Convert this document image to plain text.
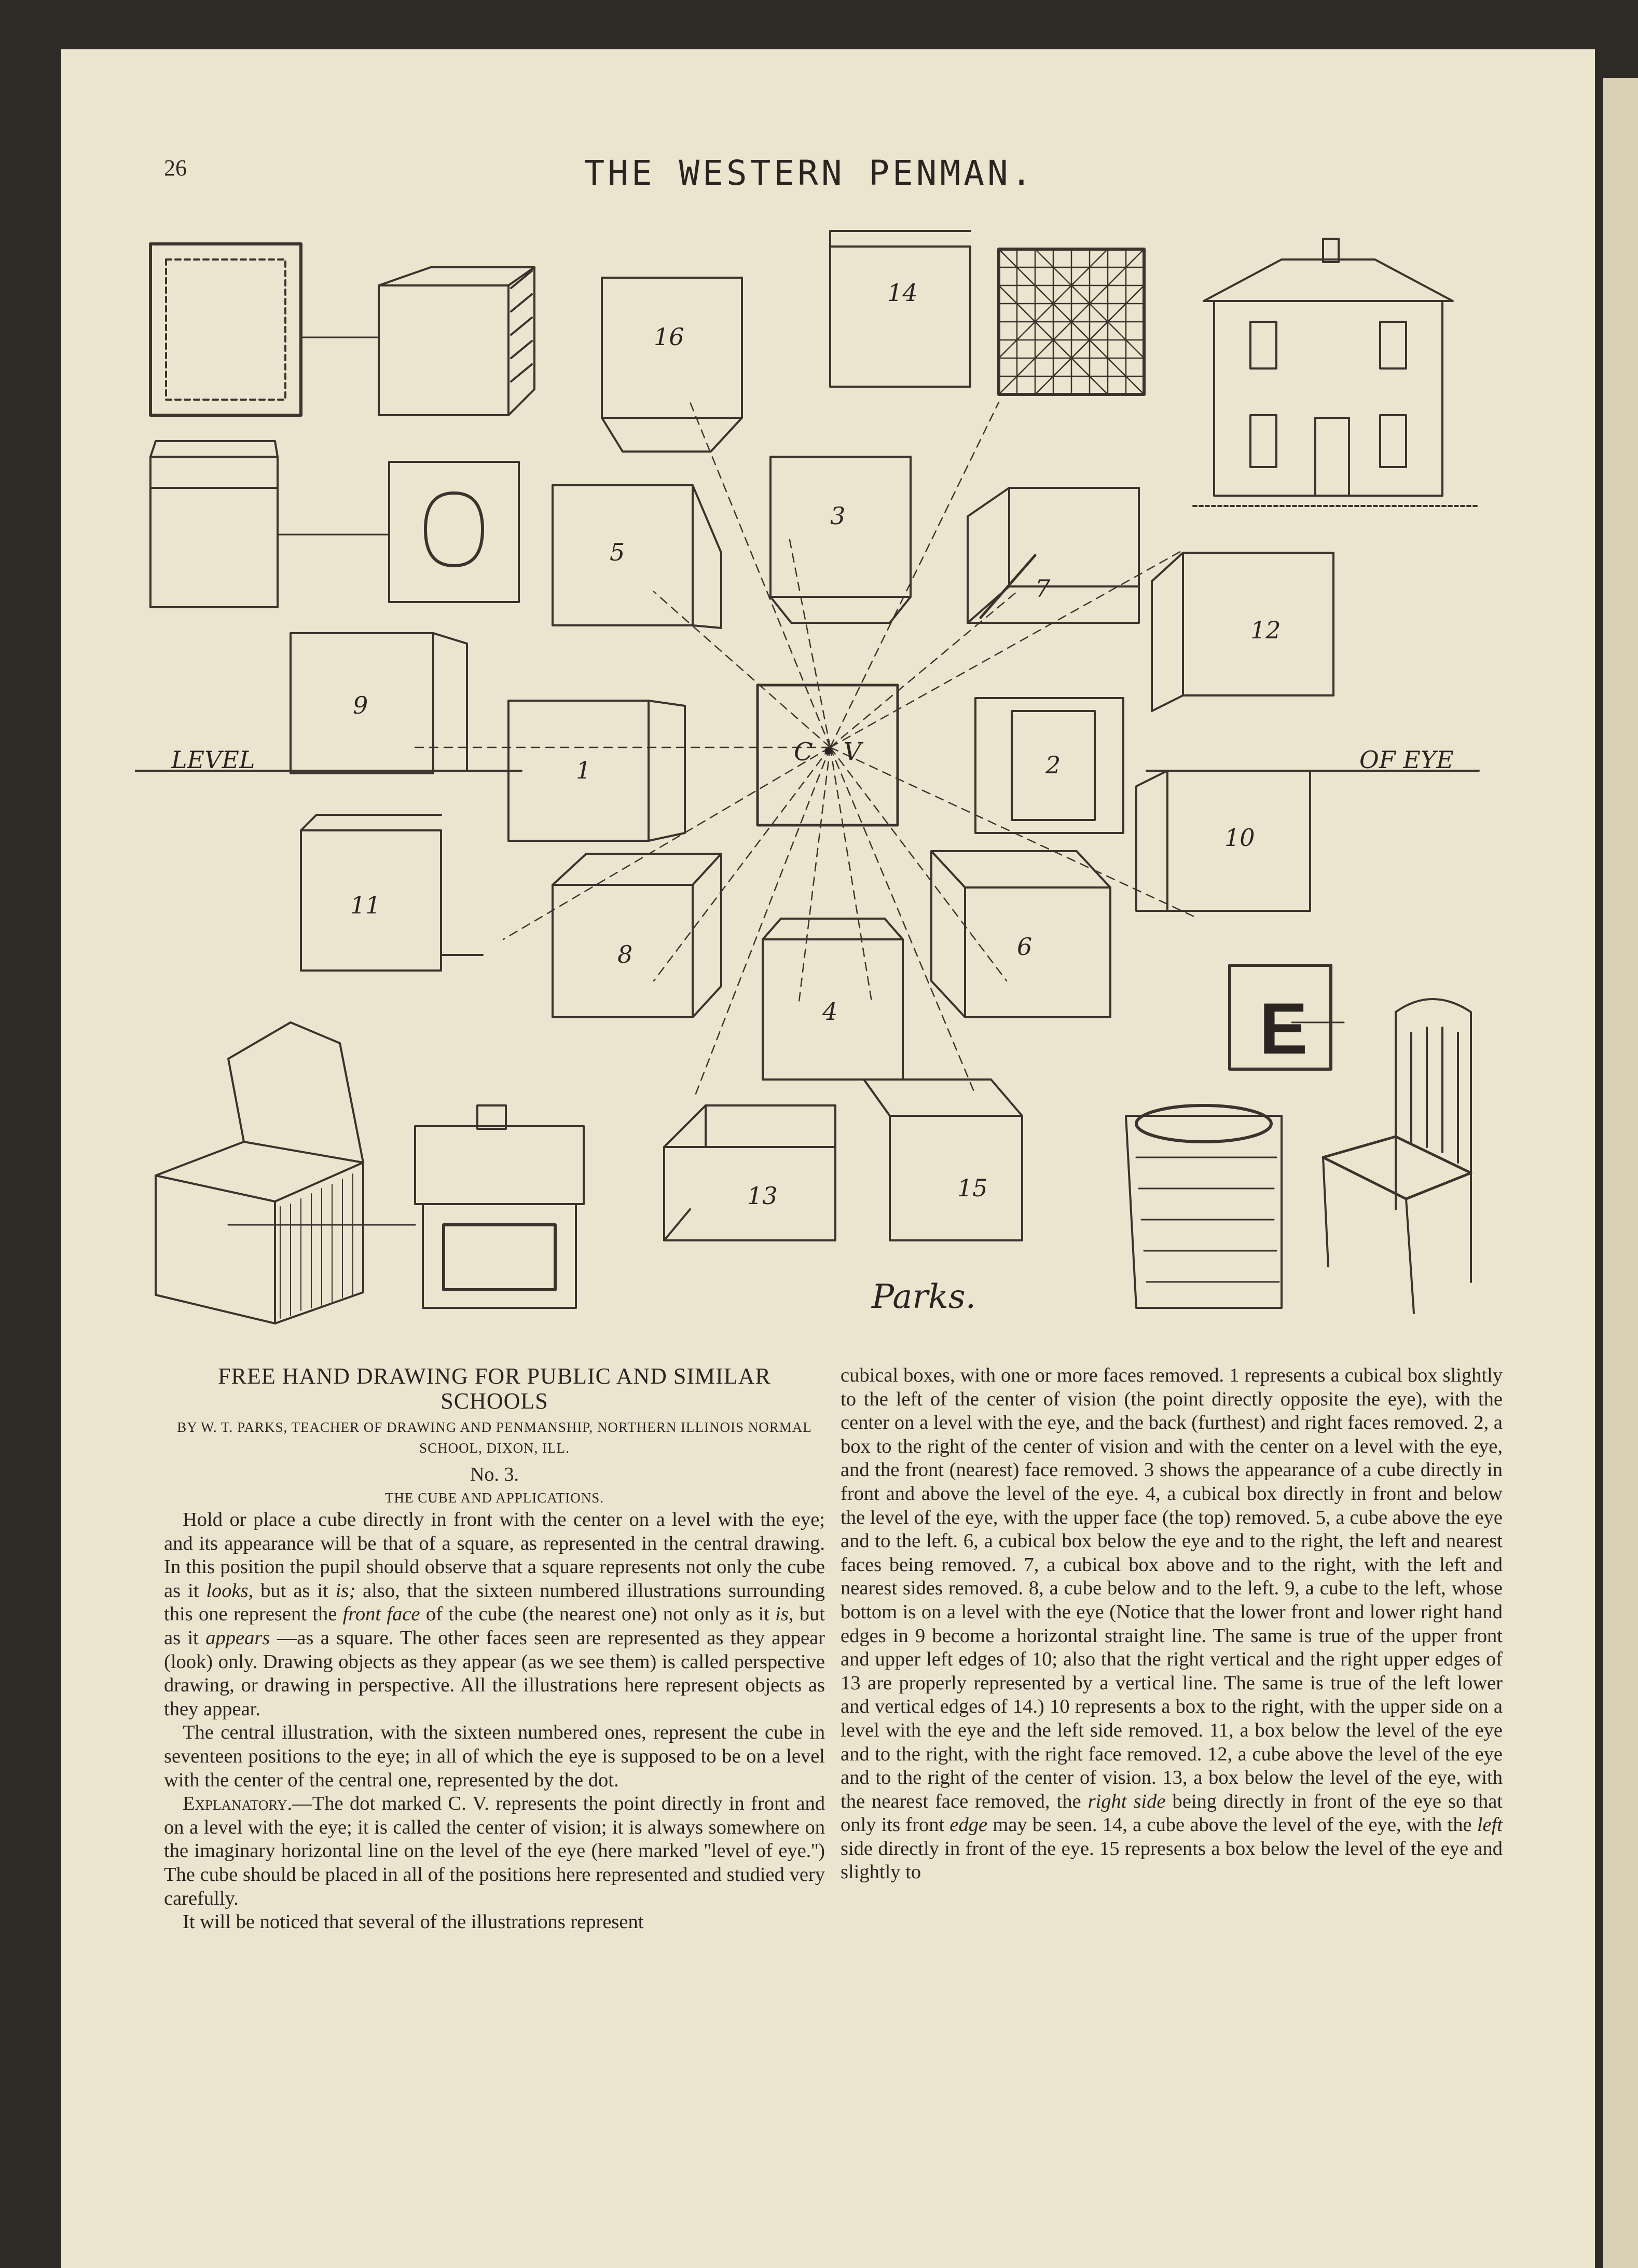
26	THE WESTERN PENMAN.
16
14
3
5
7
12
9
1
C • V	2
10
11
8
4
6
13	15
LEVEL	OF EYE
E
Parks.
FREE HAND DRAWING FOR PUBLIC AND SIMILAR SCHOOLS
BY W. T. PARKS, TEACHER OF DRAWING AND PENMANSHIP, NORTHERN ILLINOIS NORMAL SCHOOL, DIXON, ILL.
No. 3.
THE CUBE AND APPLICATIONS.

Hold or place a cube directly in front with the center on a level with the eye; and its appearance will be that of a square, as represented in the central drawing. In this position the pupil should observe that a square represents not only the cube as it looks, but as it is; also, that the sixteen numbered illustrations surrounding this one represent the front face of the cube (the nearest one) not only as it is, but as it appears —as a square. The other faces seen are represented as they appear (look) only. Drawing objects as they appear (as we see them) is called perspective drawing, or drawing in perspective. All the illustrations here represent objects as they appear.

The central illustration, with the sixteen numbered ones, represent the cube in seventeen positions to the eye; in all of which the eye is supposed to be on a level with the center of the central one, represented by the dot.

Explanatory.—The dot marked C. V. represents the point directly in front and on a level with the eye; it is called the center of vision; it is always somewhere on the imaginary horizontal line on the level of the eye (here marked ''level of eye.'') The cube should be placed in all of the positions here represented and studied very carefully.

It will be noticed that several of the illustrations represent

cubical boxes, with one or more faces removed. 1 represents a cubical box slightly to the left of the center of vision (the point directly opposite the eye), with the center on a level with the eye, and the back (furthest) and right faces removed. 2, a box to the right of the center of vision and with the center on a level with the eye, and the front (nearest) face removed. 3 shows the appearance of a cube directly in front and above the level of the eye. 4, a cubical box directly in front and below the level of the eye, with the upper face (the top) removed. 5, a cube above the eye and to the left. 6, a cubical box below the eye and to the right, the left and nearest faces being removed. 7, a cubical box above and to the right, with the left and nearest sides removed. 8, a cube below and to the left. 9, a cube to the left, whose bottom is on a level with the eye (Notice that the lower front and lower right hand edges in 9 become a horizontal straight line. The same is true of the upper front and upper left edges of 10; also that the right vertical and the right upper edges of 13 are properly represented by a vertical line. The same is true of the left lower and vertical edges of 14.) 10 represents a box to the right, with the upper side on a level with the eye and the left side removed. 11, a box below the level of the eye and to the right, with the right face removed. 12, a cube above the level of the eye and to the right of the center of vision. 13, a box below the level of the eye, with the nearest face removed, the right side being directly in front of the eye so that only its front edge may be seen. 14, a cube above the level of the eye, with the left side directly in front of the eye. 15 represents a box below the level of the eye and slightly to
